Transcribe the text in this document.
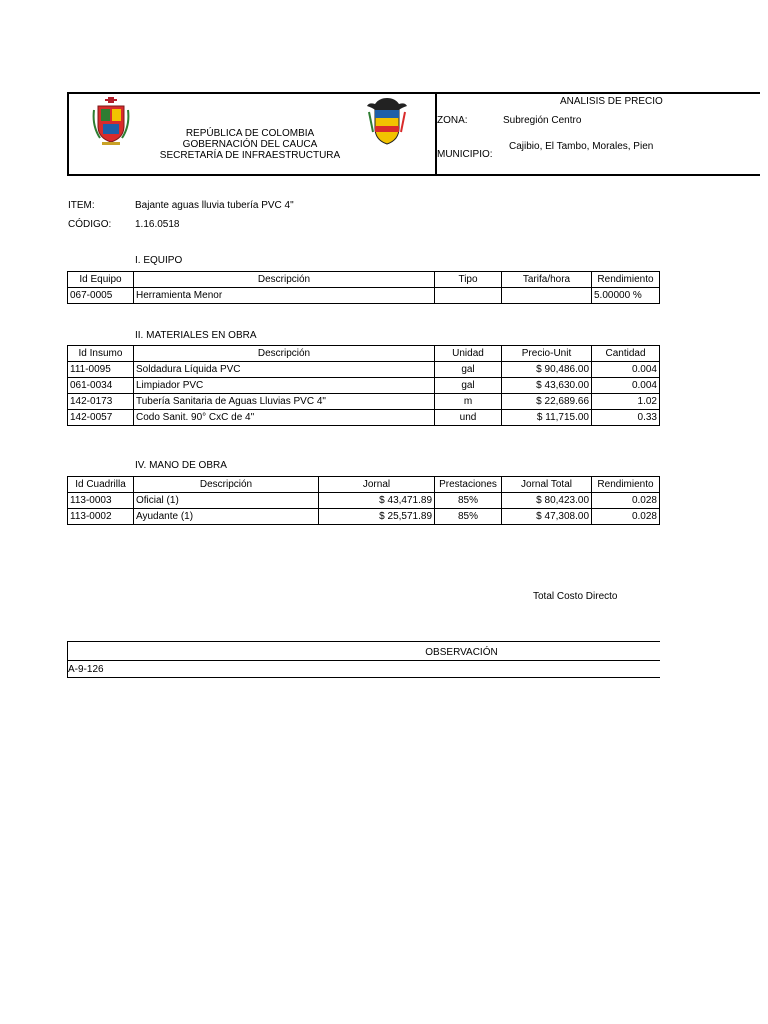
REPÚBLICA DE COLOMBIA
GOBERNACIÓN DEL CAUCA
SECRETARÍA DE INFRAESTRUCTURA
ANALISIS DE PRECIO
ZONA:	Subregión Centro
MUNICIPIO:
Cajibio, El Tambo, Morales, Pien
ITEM:	Bajante aguas lluvia tubería PVC 4"
CÓDIGO: 1.16.0518
I. EQUIPO
Id Equipo	Descripción	Tipo	Tarifa/hora	Rendimiento
067-0005	Herramienta Menor			5.00000 %
II. MATERIALES EN OBRA
Id Insumo	Descripción	Unidad	Precio-Unit	Cantidad
111-0095	Soldadura Líquida PVC	gal	$ 90,486.00	0.004
061-0034	Limpiador PVC	gal	$ 43,630.00	0.004
142-0173	Tubería Sanitaria de Aguas Lluvias PVC 4"	m	$ 22,689.66	1.02
142-0057	Codo Sanit. 90° CxC de 4"	und	$ 11,715.00	0.33
IV. MANO DE OBRA
Id Cuadrilla	Descripción	Jornal	Prestaciones	Jornal Total	Rendimiento
113-0003	Oficial (1)	$ 43,471.89	85%	$ 80,423.00	0.028
113-0002	Ayudante (1)	$ 25,571.89	85%	$ 47,308.00	0.028
Total Costo Directo
OBSERVACIÓN
A-9-126
